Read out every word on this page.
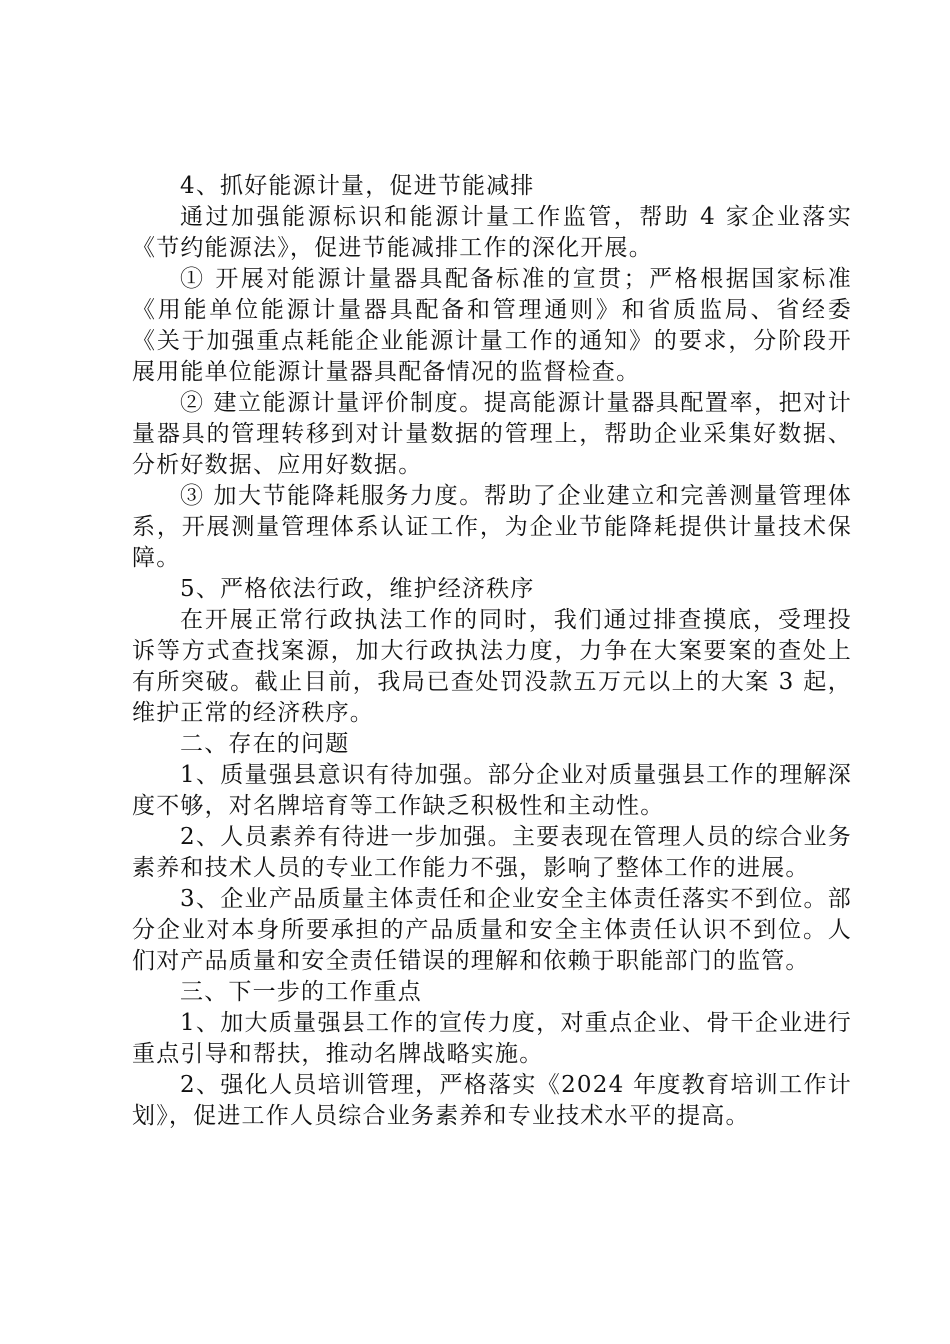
4、抓好能源计量，促进节能减排

通过加强能源标识和能源计量工作监管，帮助 4 家企业落实《节约能源法》，促进节能减排工作的深化开展。

① 开展对能源计量器具配备标准的宣贯；严格根据国家标准《用能单位能源计量器具配备和管理通则》和省质监局、省经委《关于加强重点耗能企业能源计量工作的通知》的要求，分阶段开展用能单位能源计量器具配备情况的监督检查。

② 建立能源计量评价制度。提高能源计量器具配置率，把对计量器具的管理转移到对计量数据的管理上，帮助企业采集好数据、分析好数据、应用好数据。

③ 加大节能降耗服务力度。帮助了企业建立和完善测量管理体系，开展测量管理体系认证工作，为企业节能降耗提供计量技术保障。

5、严格依法行政，维护经济秩序

在开展正常行政执法工作的同时，我们通过排查摸底，受理投诉等方式查找案源，加大行政执法力度，力争在大案要案的查处上有所突破。截止目前，我局已查处罚没款五万元以上的大案 3 起，维护正常的经济秩序。

二、存在的问题

1、质量强县意识有待加强。部分企业对质量强县工作的理解深度不够，对名牌培育等工作缺乏积极性和主动性。

2、人员素养有待进一步加强。主要表现在管理人员的综合业务素养和技术人员的专业工作能力不强，影响了整体工作的进展。

3、企业产品质量主体责任和企业安全主体责任落实不到位。部分企业对本身所要承担的产品质量和安全主体责任认识不到位。人们对产品质量和安全责任错误的理解和依赖于职能部门的监管。

三、下一步的工作重点

1、加大质量强县工作的宣传力度，对重点企业、骨干企业进行重点引导和帮扶，推动名牌战略实施。

2、强化人员培训管理，严格落实《2024 年度教育培训工作计划》，促进工作人员综合业务素养和专业技术水平的提高。
